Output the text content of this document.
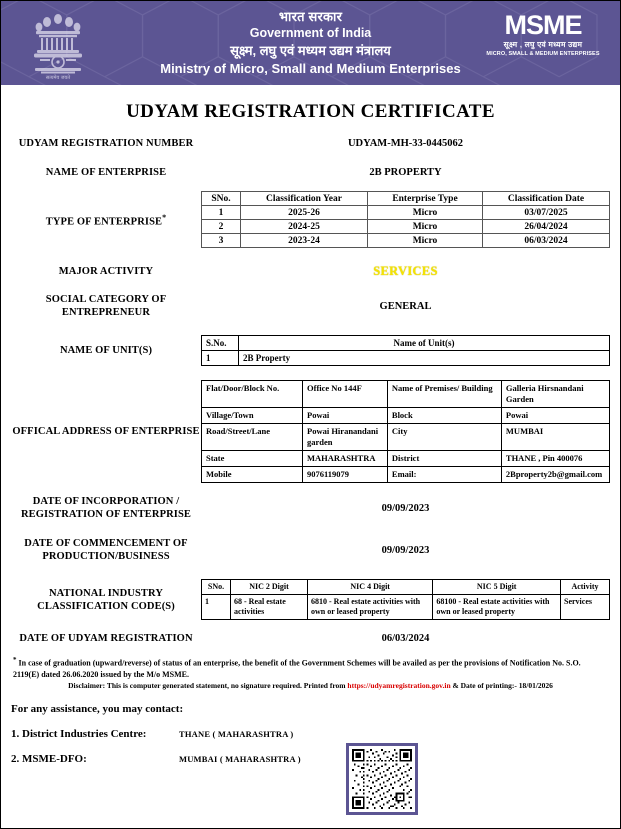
सत्यमेव जयते
भारत सरकार
Government of India
सूक्ष्म, लघु एवं मध्यम उद्यम मंत्रालय
Ministry of Micro, Small and Medium Enterprises
MSME
सूक्ष्म , लघु एवं मध्यम उद्यम
MICRO, SMALL & MEDIUM ENTERPRISES
UDYAM REGISTRATION CERTIFICATE
UDYAM REGISTRATION NUMBER	UDYAM-MH-33-0445062
NAME OF ENTERPRISE	2B PROPERTY
TYPE OF ENTERPRISE*
SNo.	Classification Year	Enterprise Type	Classification Date
1	2025-26	Micro	03/07/2025
2	2024-25	Micro	26/04/2024
3	2023-24	Micro	06/03/2024
MAJOR ACTIVITY	SERVICES
SOCIAL CATEGORY OF
ENTREPRENEUR
GENERAL
NAME OF UNIT(S)
S.No.	Name of Unit(s)
1	2B Property
OFFICAL ADDRESS OF ENTERPRISE
Flat/Door/Block No.	Office No 144F	Name of Premises/ Building	Galleria Hirsnandani Garden
Village/Town	Powai	Block	Powai
Road/Street/Lane	Powai Hiranandani garden	City	MUMBAI
State	MAHARASHTRA	District	THANE , Pin 400076
Mobile	9076119079	Email:	2Bproperty2b@gmail.com
DATE OF INCORPORATION /
REGISTRATION OF ENTERPRISE
09/09/2023
DATE OF COMMENCEMENT OF
PRODUCTION/BUSINESS
09/09/2023
NATIONAL INDUSTRY
CLASSIFICATION CODE(S)
SNo.	NIC 2 Digit	NIC 4 Digit	NIC 5 Digit	Activity
1	68 - Real estate activities	6810 - Real estate activities with own or leased property	68100 - Real estate activities with own or leased property	Services
DATE OF UDYAM REGISTRATION	06/03/2024
* In case of graduation (upward/reverse) of status of an enterprise, the benefit of the Government Schemes will be availed as per the provisions of Notification No. S.O. 2119(E) dated 26.06.2020 issued by the M/o MSME.
Disclaimer: This is computer generated statement, no signature required. Printed from https://udyamregistration.gov.in & Date of printing:- 18/01/2026
For any assistance, you may contact:
1. District Industries Centre:	THANE ( MAHARASHTRA )
2. MSME-DFO:	MUMBAI ( MAHARASHTRA )
